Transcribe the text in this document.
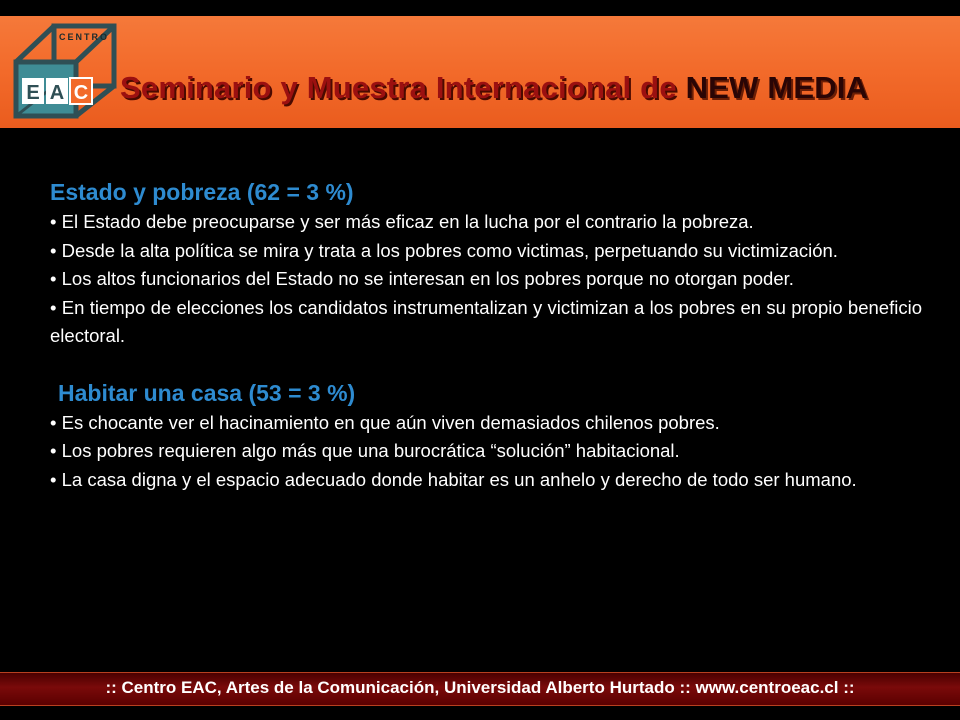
CENTRO
E A C Seminario y Muestra Internacional de NEW MEDIA
Estado y pobreza (62 = 3 %)

• El Estado debe preocuparse y ser más eficaz en la lucha por el contrario la pobreza.

• Desde la alta política se mira y trata a los pobres como victimas, perpetuando su victimización.

• Los altos funcionarios del Estado no se interesan en los pobres porque no otorgan poder.

• En tiempo de elecciones los candidatos instrumentalizan y victimizan a los pobres en su propio beneficio electoral.

Habitar una casa (53 = 3 %)

• Es chocante ver el hacinamiento en que aún viven demasiados chilenos pobres.

• Los pobres requieren algo más que una burocrática “solución” habitacional.

• La casa digna y el espacio adecuado donde habitar es un anhelo y derecho de todo ser humano.

:: Centro EAC, Artes de la Comunicación, Universidad Alberto Hurtado :: www.centroeac.cl ::
